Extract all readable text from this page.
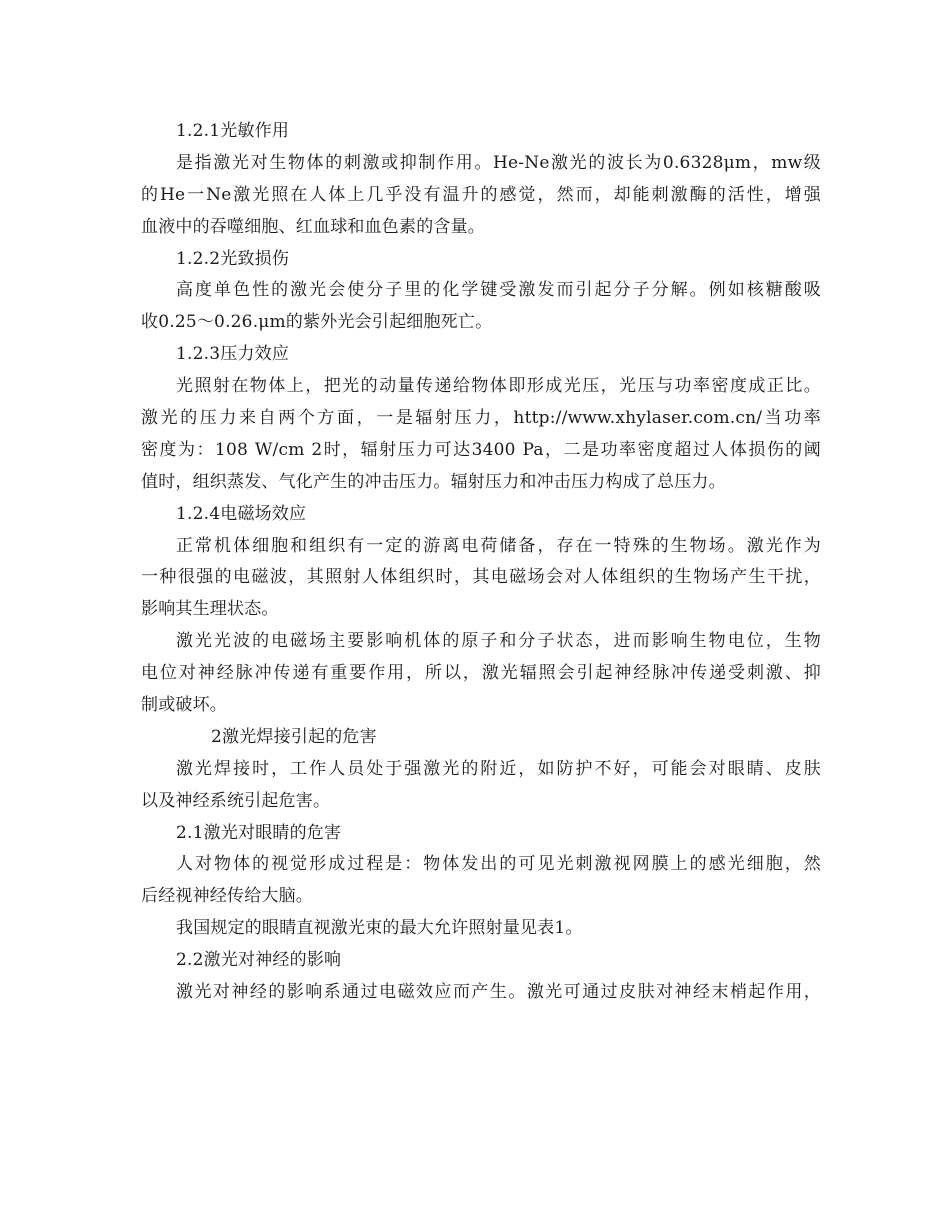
1.2.1光敏作用
是指激光对生物体的刺激或抑制作用。He-Ne激光的波长为0.6328μm，mw级
的He一Ne激光照在人体上几乎没有温升的感觉，然而，却能刺激酶的活性，增强
血液中的吞噬细胞、红血球和血色素的含量。
1.2.2光致损伤
高度单色性的激光会使分子里的化学键受激发而引起分子分解。例如核糖酸吸
收0.25～0.26.μm的紫外光会引起细胞死亡。
1.2.3压力效应
光照射在物体上，把光的动量传递给物体即形成光压，光压与功率密度成正比。
激光的压力来自两个方面，一是辐射压力，http://www.xhylaser.com.cn/当功率
密度为：108 W/cm 2时，辐射压力可达3400 Pa，二是功率密度超过人体损伤的阈
值时，组织蒸发、气化产生的冲击压力。辐射压力和冲击压力构成了总压力。
1.2.4电磁场效应
正常机体细胞和组织有一定的游离电荷储备，存在一特殊的生物场。激光作为
一种很强的电磁波，其照射人体组织时，其电磁场会对人体组织的生物场产生干扰，
影响其生理状态。
激光光波的电磁场主要影响机体的原子和分子状态，进而影响生物电位，生物
电位对神经脉冲传递有重要作用，所以，激光辐照会引起神经脉冲传递受刺激、抑
制或破坏。
2激光焊接引起的危害
激光焊接时，工作人员处于强激光的附近，如防护不好，可能会对眼睛、皮肤
以及神经系统引起危害。
2.1激光对眼睛的危害
人对物体的视觉形成过程是：物体发出的可见光刺激视网膜上的感光细胞，然
后经视神经传给大脑。
我国规定的眼睛直视激光束的最大允许照射量见表1。
2.2激光对神经的影响
激光对神经的影响系通过电磁效应而产生。激光可通过皮肤对神经末梢起作用，
